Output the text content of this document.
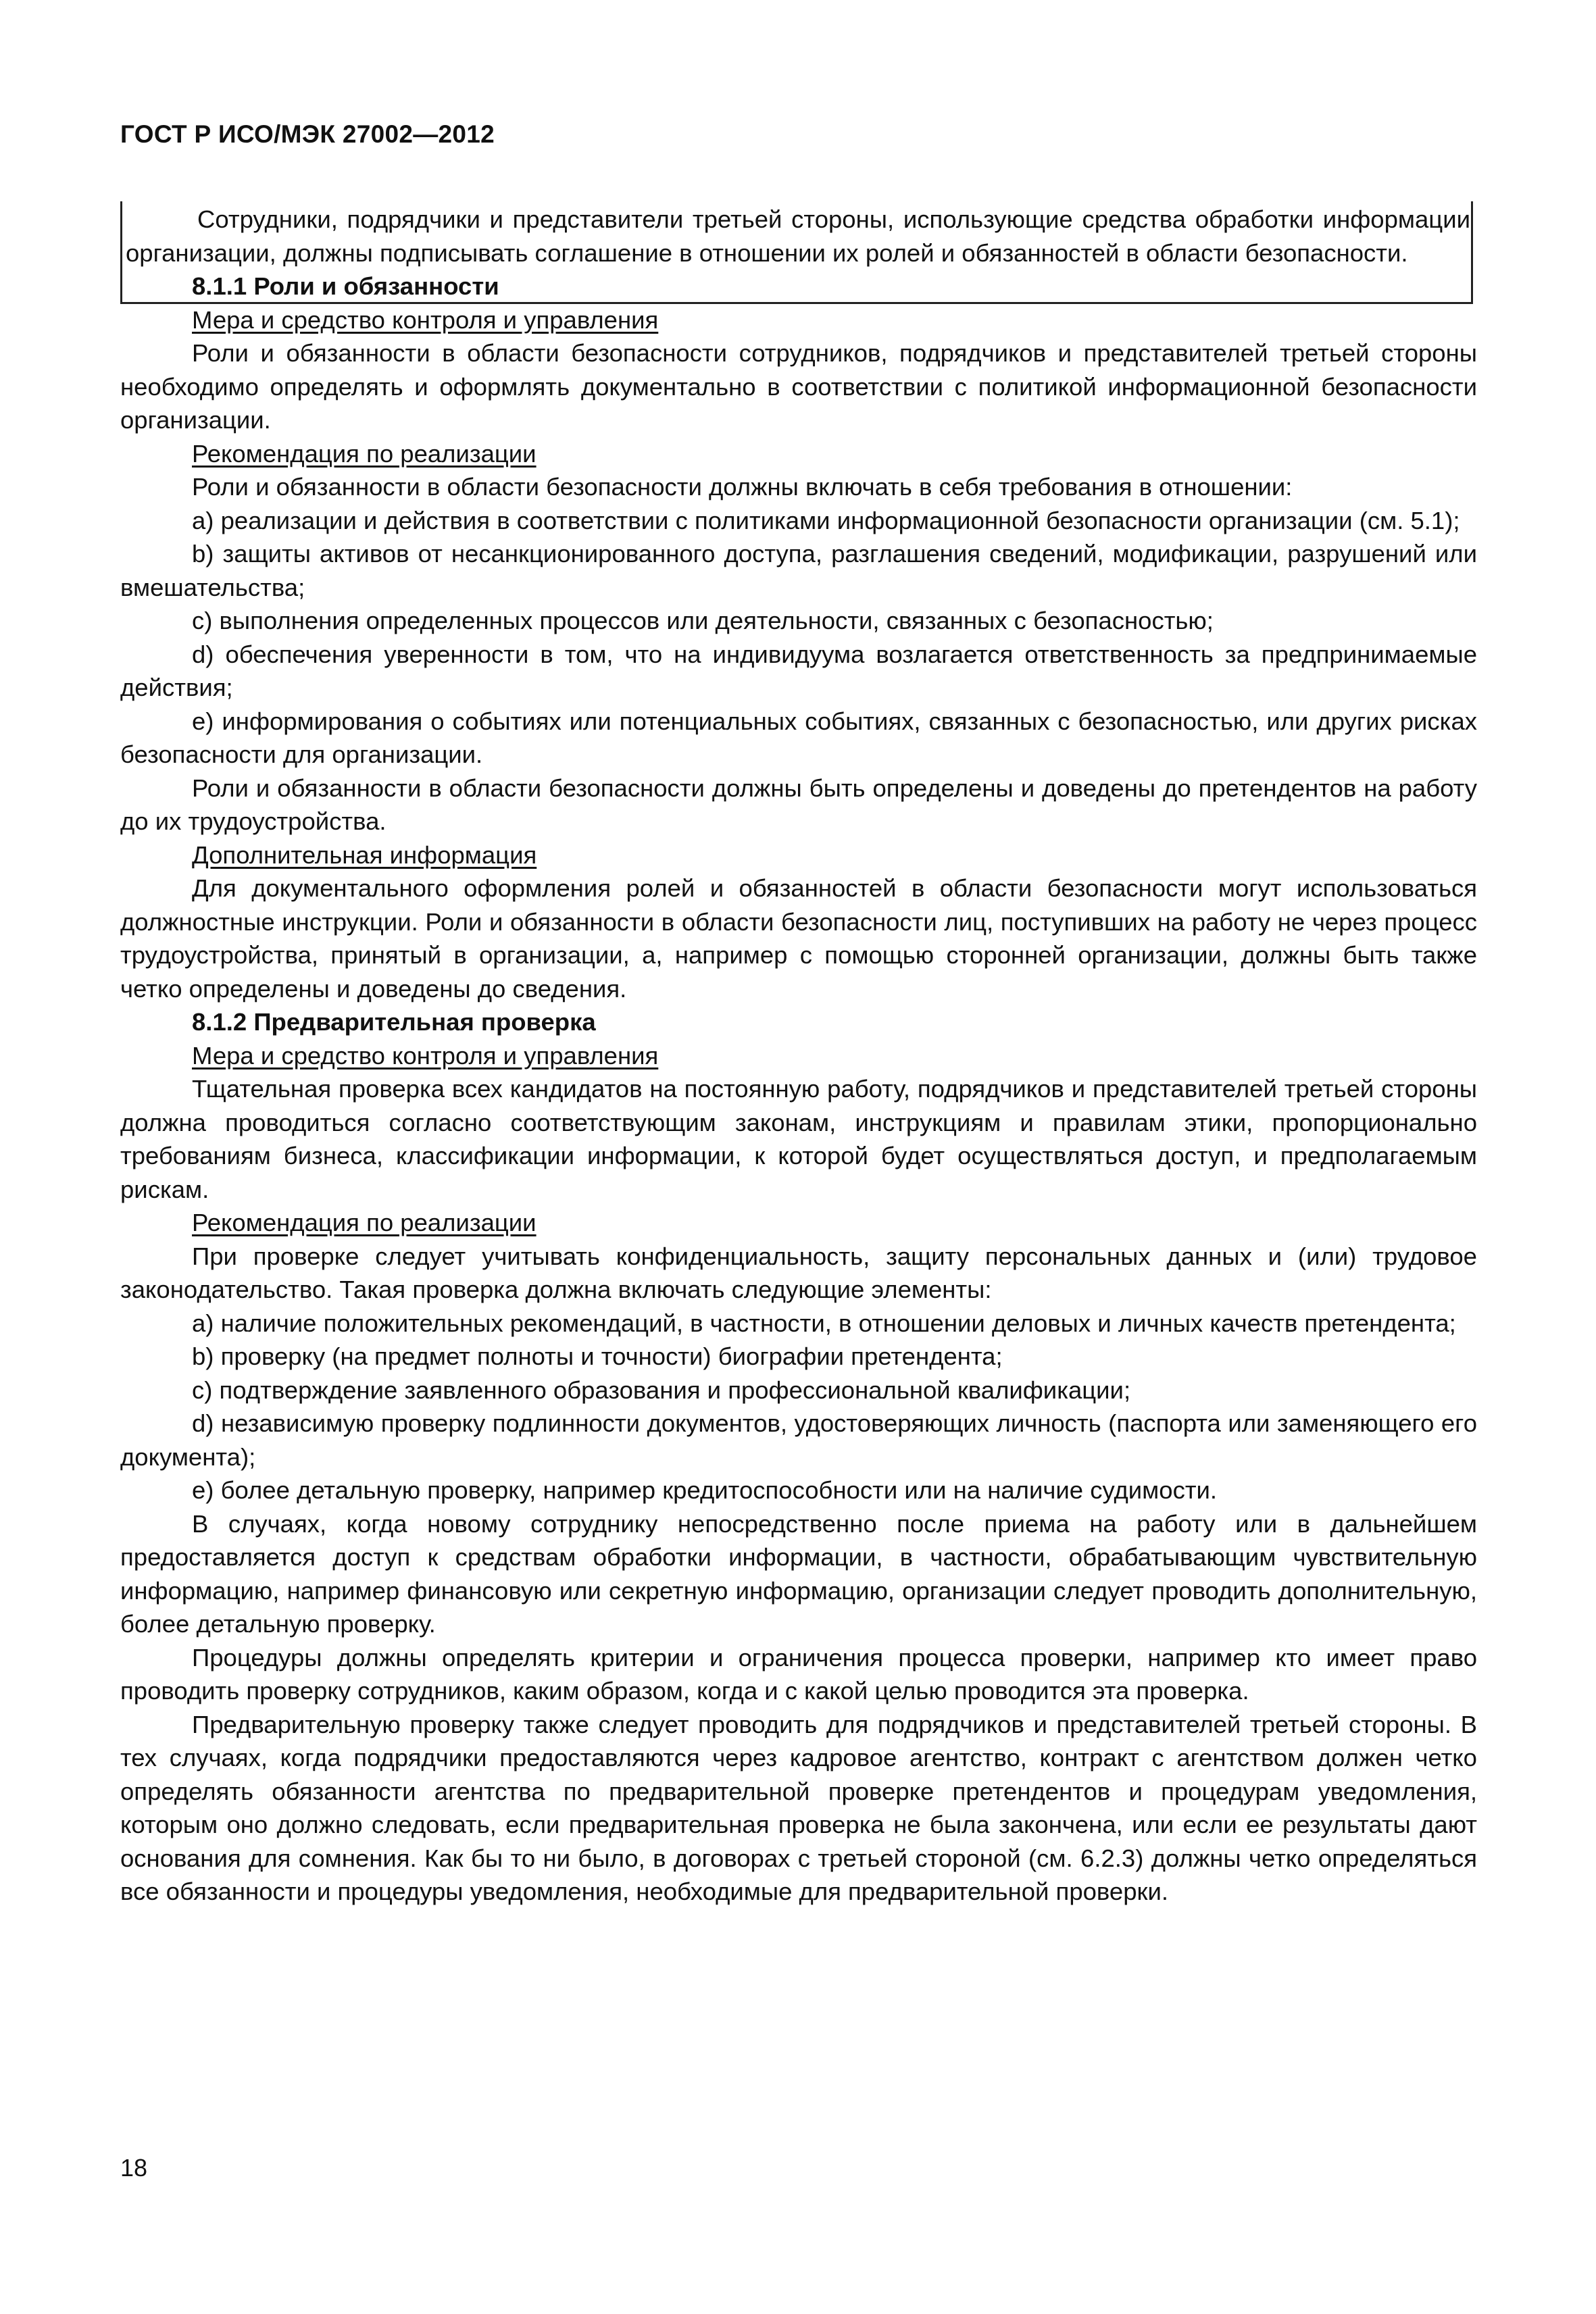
ГОСТ Р ИСО/МЭК 27002—2012

Сотрудники, подрядчики и представители третьей стороны, использующие средства обработки информации организации, должны подписывать соглашение в отношении их ролей и обязанностей в области безопасности.

8.1.1 Роли и обязанности

Мера и средство контроля и управления

Роли и обязанности в области безопасности сотрудников, подрядчиков и представителей третьей стороны необходимо определять и оформлять документально в соответствии с политикой информационной безопасности организации.

Рекомендация по реализации

Роли и обязанности в области безопасности должны включать в себя требования в отношении:

a) реализации и действия в соответствии с политиками информационной безопасности организации (см. 5.1);

b) защиты активов от несанкционированного доступа, разглашения сведений, модификации, разрушений или вмешательства;

c) выполнения определенных процессов или деятельности, связанных с безопасностью;

d) обеспечения уверенности в том, что на индивидуума возлагается ответственность за предпринимаемые действия;

e) информирования о событиях или потенциальных событиях, связанных с безопасностью, или других рисках безопасности для организации.

Роли и обязанности в области безопасности должны быть определены и доведены до претендентов на работу до их трудоустройства.

Дополнительная информация

Для документального оформления ролей и обязанностей в области безопасности могут использоваться должностные инструкции. Роли и обязанности в области безопасности лиц, поступивших на работу не через процесс трудоустройства, принятый в организации, а, например с помощью сторонней организации, должны быть также четко определены и доведены до сведения.

8.1.2 Предварительная проверка

Мера и средство контроля и управления

Тщательная проверка всех кандидатов на постоянную работу, подрядчиков и представителей третьей стороны должна проводиться согласно соответствующим законам, инструкциям и правилам этики, пропорционально требованиям бизнеса, классификации информации, к которой будет осуществляться доступ, и предполагаемым рискам.

Рекомендация по реализации

При проверке следует учитывать конфиденциальность, защиту персональных данных и (или) трудовое законодательство. Такая проверка должна включать следующие элементы:

a) наличие положительных рекомендаций, в частности, в отношении деловых и личных качеств претендента;

b) проверку (на предмет полноты и точности) биографии претендента;

c) подтверждение заявленного образования и профессиональной квалификации;

d) независимую проверку подлинности документов, удостоверяющих личность (паспорта или заменяющего его документа);

e) более детальную проверку, например кредитоспособности или на наличие судимости.

В случаях, когда новому сотруднику непосредственно после приема на работу или в дальнейшем предоставляется доступ к средствам обработки информации, в частности, обрабатывающим чувствительную информацию, например финансовую или секретную информацию, организации следует проводить дополнительную, более детальную проверку.

Процедуры должны определять критерии и ограничения процесса проверки, например кто имеет право проводить проверку сотрудников, каким образом, когда и с какой целью проводится эта проверка.

Предварительную проверку также следует проводить для подрядчиков и представителей третьей стороны. В тех случаях, когда подрядчики предоставляются через кадровое агентство, контракт с агентством должен четко определять обязанности агентства по предварительной проверке претендентов и процедурам уведомления, которым оно должно следовать, если предварительная проверка не была закончена, или если ее результаты дают основания для сомнения. Как бы то ни было, в договорах с третьей стороной (см. 6.2.3) должны четко определяться все обязанности и процедуры уведомления, необходимые для предварительной проверки.

18
